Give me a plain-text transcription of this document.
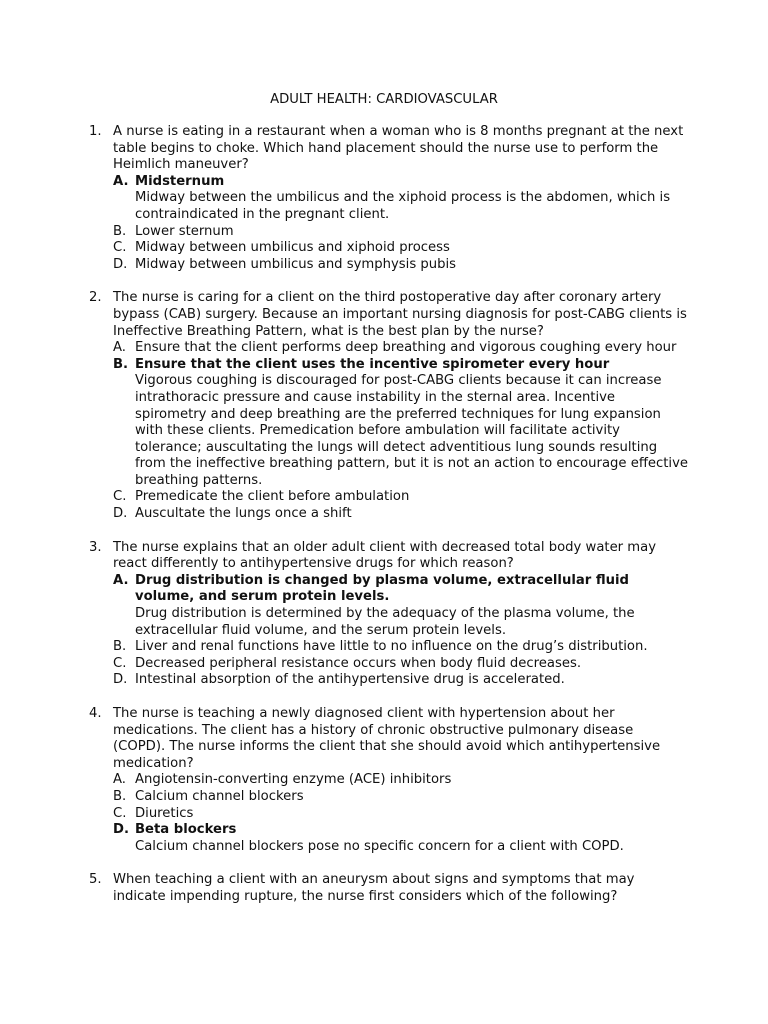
ADULT HEALTH: CARDIOVASCULAR
1. A nurse is eating in a restaurant when a woman who is 8 months pregnant at the next table begins to choke. Which hand placement should the nurse use to perform the Heimlich maneuver?
A. Midsternum
Midway between the umbilicus and the xiphoid process is the abdomen, which is contraindicated in the pregnant client.
B. Lower sternum
C. Midway between umbilicus and xiphoid process
D. Midway between umbilicus and symphysis pubis
2. The nurse is caring for a client on the third postoperative day after coronary artery bypass (CAB) surgery. Because an important nursing diagnosis for post-CABG clients is Ineffective Breathing Pattern, what is the best plan by the nurse?
A. Ensure that the client performs deep breathing and vigorous coughing every hour
B. Ensure that the client uses the incentive spirometer every hour
Vigorous coughing is discouraged for post-CABG clients because it can increase intrathoracic pressure and cause instability in the sternal area. Incentive spirometry and deep breathing are the preferred techniques for lung expansion with these clients. Premedication before ambulation will facilitate activity tolerance; auscultating the lungs will detect adventitious lung sounds resulting from the ineffective breathing pattern, but it is not an action to encourage effective breathing patterns.
C. Premedicate the client before ambulation
D. Auscultate the lungs once a shift
3. The nurse explains that an older adult client with decreased total body water may react differently to antihypertensive drugs for which reason?
A. Drug distribution is changed by plasma volume, extracellular fluid volume, and serum protein levels.
Drug distribution is determined by the adequacy of the plasma volume, the extracellular fluid volume, and the serum protein levels.
B. Liver and renal functions have little to no influence on the drug’s distribution.
C. Decreased peripheral resistance occurs when body fluid decreases.
D. Intestinal absorption of the antihypertensive drug is accelerated.
4. The nurse is teaching a newly diagnosed client with hypertension about her medications. The client has a history of chronic obstructive pulmonary disease (COPD). The nurse informs the client that she should avoid which antihypertensive medication?
A. Angiotensin-converting enzyme (ACE) inhibitors
B. Calcium channel blockers
C. Diuretics
D. Beta blockers
Calcium channel blockers pose no specific concern for a client with COPD.
5. When teaching a client with an aneurysm about signs and symptoms that may indicate impending rupture, the nurse first considers which of the following?
